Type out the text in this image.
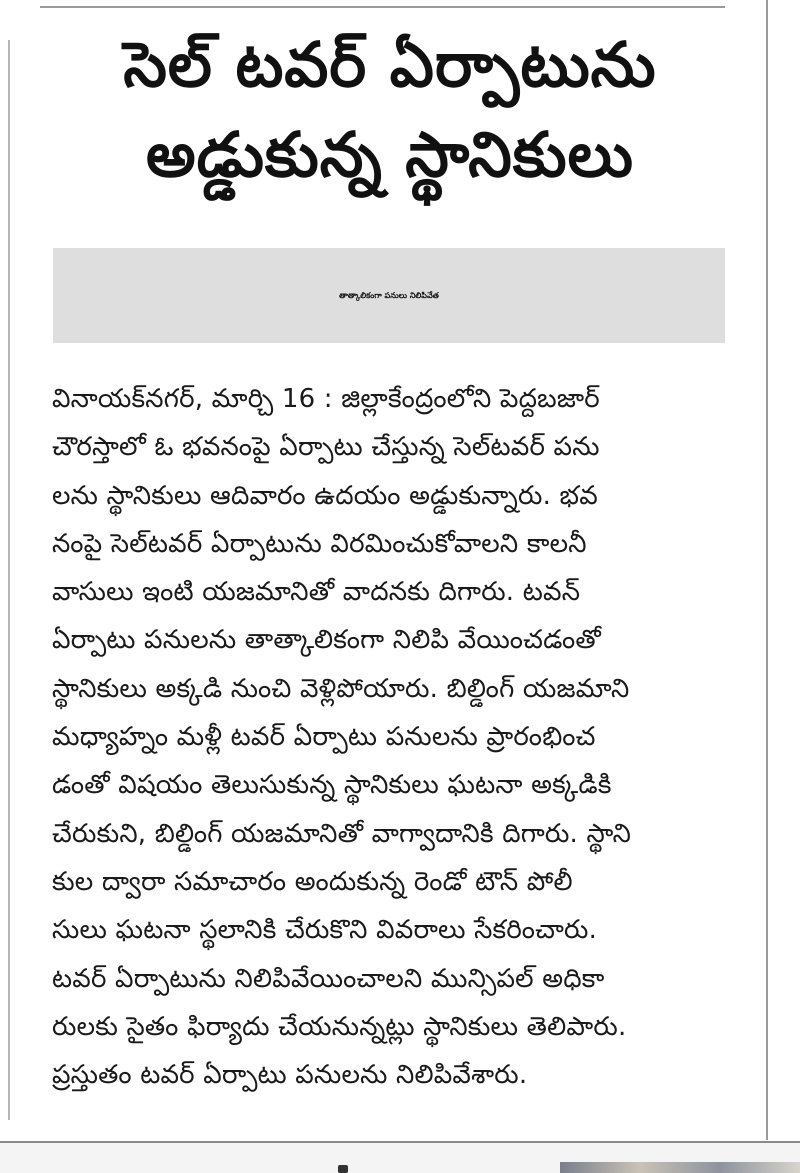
సెల్ టవర్ ఏర్పాటును
అడ్డుకున్న స్థానికులు
తాత్కాలికంగా పనులు నిలిపివేత
వినాయక్‌నగర్, మార్చి 16 : జిల్లాకేంద్రంలోని పెద్దబజార్
చౌరస్తాలో ఓ భవనంపై ఏర్పాటు చేస్తున్న సెల్‌టవర్ పను
లను స్థానికులు ఆదివారం ఉదయం అడ్డుకున్నారు. భవ
నంపై సెల్‌టవర్ ఏర్పాటును విరమించుకోవాలని కాలనీ
వాసులు ఇంటి యజమానితో వాదనకు దిగారు. టవన్
ఏర్పాటు పనులను తాత్కాలికంగా నిలిపి వేయించడంతో
స్థానికులు అక్కడి నుంచి వెళ్లిపోయారు. బిల్డింగ్ యజమాని
మధ్యాహ్నం మళ్లీ టవర్ ఏర్పాటు పనులను ప్రారంభించ
డంతో విషయం తెలుసుకున్న స్థానికులు ఘటనా అక్కడికి
చేరుకుని, బిల్డింగ్ యజమానితో వాగ్వాదానికి దిగారు. స్థాని
కుల ద్వారా సమాచారం అందుకున్న రెండో టౌన్ పోలీ
సులు ఘటనా స్థలానికి చేరుకొని వివరాలు సేకరించారు.
టవర్ ఏర్పాటును నిలిపివేయించాలని మున్సిపల్ అధికా
రులకు సైతం ఫిర్యాదు చేయనున్నట్లు స్థానికులు తెలిపారు.
ప్రస్తుతం టవర్ ఏర్పాటు పనులను నిలిపివేశారు.
